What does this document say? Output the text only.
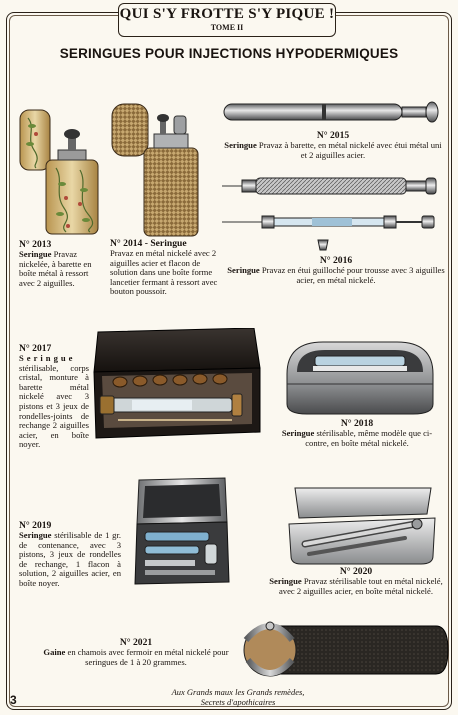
QUI S'Y FROTTE S'Y PIQUE !
TOME II
SERINGUES POUR INJECTIONS HYPODERMIQUES
N° 2013
Seringue Pravaz nickelée, à barette en boîte métal à ressort avec 2 aiguilles.
N° 2014 - Seringue
Pravaz en métal nickelé avec 2 aiguilles acier et flacon de solution dans une boîte forme lancetier fermant à ressort avec bouton poussoir.
N° 2015
Seringue Pravaz à barette, en métal nickelé avec étui métal uni et 2 aiguilles acier.
N° 2016
Seringue Pravaz en étui guilloché pour trousse avec 3 aiguilles acier, en métal nickelé.
N° 2017
Seringue stérilisable, corps cristal, monture à barette métal nickelé avec 3 pistons et 3 jeux de rondelles-joints de rechange 2 aiguilles acier, en boîte noyer.
N° 2018
Seringue stérilisable, même modèle que ci-contre, en boîte métal nickelé.
N° 2019
Seringue stérilisable de 1 gr. de contenance, avec 3 pistons, 3 jeux de rondelles de rechange, 1 flacon à solution, 2 aiguilles acier, en boîte noyer.
N° 2020
Seringue Pravaz stérilisable tout en métal nickelé, avec 2 aiguilles acier, en boîte métal nickelé.
N° 2021
Gaine en chamois avec fermoir en métal nickelé pour seringues de 1 à 20 grammes.
Aux Grands maux les Grands remèdes,
Secrets d'apothicaires
3
